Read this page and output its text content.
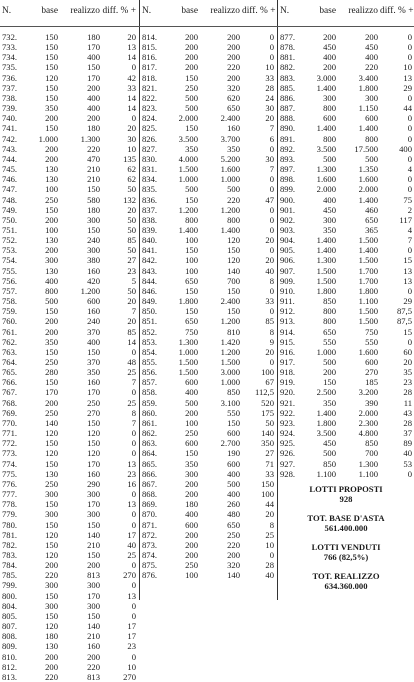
N.	base	realizzo	diff. % +
732.	150	180	20
733.	150	170	13
734.	150	400	14
735.	150	150	0
736.	120	170	42
737.	150	200	33
738.	150	400	14
739.	350	400	14
740.	200	200	0
741.	150	180	20
742.	1.000	1.300	30
743.	200	220	10
744.	200	470	135
745.	130	210	62
746.	130	210	62
747.	100	150	50
748.	250	580	132
749.	150	180	20
750.	200	300	50
751.	100	150	50
752.	130	240	85
753.	200	300	50
754.	300	380	27
755.	130	160	23
756.	400	420	5
757.	800	1.200	50
758.	500	600	20
759.	150	160	7
760.	200	240	20
761.	200	370	85
762.	350	400	14
763.	150	150	0
764.	250	370	48
765.	280	350	25
766.	150	160	7
767.	170	170	0
768.	200	250	25
769.	250	270	8
770.	140	150	7
771.	120	120	0
772.	150	150	0
773.	120	120	0
774.	150	170	13
775.	130	160	23
776.	250	290	16
777.	300	300	0
778.	150	170	13
779.	300	300	0
780.	150	150	0
781.	120	140	17
782.	150	210	40
783.	120	150	25
784.	200	200	0
785.	220	813	270
799.	300	300	0
800.	150	170	13
804.	300	300	0
805.	150	150	0
807.	120	140	17
808.	180	210	17
809.	130	160	23
810.	200	200	0
812.	200	220	10
813.	220	813	270
N.	base	realizzo	diff. % +
814.	200	200	0
815.	200	200	0
816.	200	200	0
817.	200	220	10
818.	150	200	33
821.	250	320	28
822.	500	620	24
823.	500	650	30
824.	2.000	2.400	20
825.	150	160	7
826.	3.500	3.700	6
827.	350	350	0
830.	4.000	5.200	30
831.	1.500	1.600	7
834.	1.000	1.000	0
835.	500	500	0
836.	150	220	47
837.	1.200	1.200	0
838.	800	800	0
839.	1.400	1.400	0
840.	100	120	20
841.	150	150	0
842.	100	120	20
843.	100	140	40
844.	650	700	8
846.	150	150	0
849.	1.800	2.400	33
850.	150	150	0
851.	650	1.200	85
852.	750	810	8
853.	1.300	1.420	9
854.	1.000	1.200	20
855.	1.500	1.500	0
856.	1.500	3.000	100
857.	600	1.000	67
858.	400	850	112,5
859.	500	3.100	520
860.	200	550	175
861.	100	150	50
862.	250	600	140
863.	600	2.700	350
864.	150	190	27
865.	350	600	71
866.	300	400	33
867.	200	500	150
868.	200	400	100
869.	180	260	44
870.	400	480	20
871.	600	650	8
872.	200	250	25
873.	200	220	10
874.	200	200	0
875.	250	320	28
876.	100	140	40
N.	base	realizzo	diff. % +
877.	200	200	0
878.	450	450	0
881.	400	400	0
882.	200	220	10
883.	3.000	3.400	13
885.	1.400	1.800	29
886.	300	300	0
887.	800	1.150	44
888.	600	600	0
890.	1.400	1.400	0
891.	800	800	0
892.	3.500	17.500	400
893.	500	500	0
897.	1.300	1.350	4
898.	1.600	1.600	0
899.	2.000	2.000	0
900.	400	1.400	75
901.	450	460	2
902.	300	650	117
903.	350	365	4
904.	1.400	1.500	7
905.	1.400	1.400	0
906.	1.300	1.500	15
907.	1.500	1.700	13
909.	1.500	1.700	13
910.	1.800	1.800	0
911.	850	1.100	29
912.	800	1.500	87,5
913.	800	1.500	87,5
914.	650	750	15
915.	550	550	0
916.	1.000	1.600	60
917.	500	600	20
918.	200	270	35
919.	150	185	23
920.	2.500	3.200	28
921.	350	390	11
922.	1.400	2.000	43
923.	1.800	2.300	28
924.	3.500	4.800	37
925.	450	850	89
926.	500	700	40
927.	850	1.300	53
928.	1.100	1.100	0
LOTTI PROPOSTI
928
TOT. BASE D'ASTA
561.400.000
LOTTI VENDUTI
766 (82,5%)
TOT. REALIZZO
634.360.000
